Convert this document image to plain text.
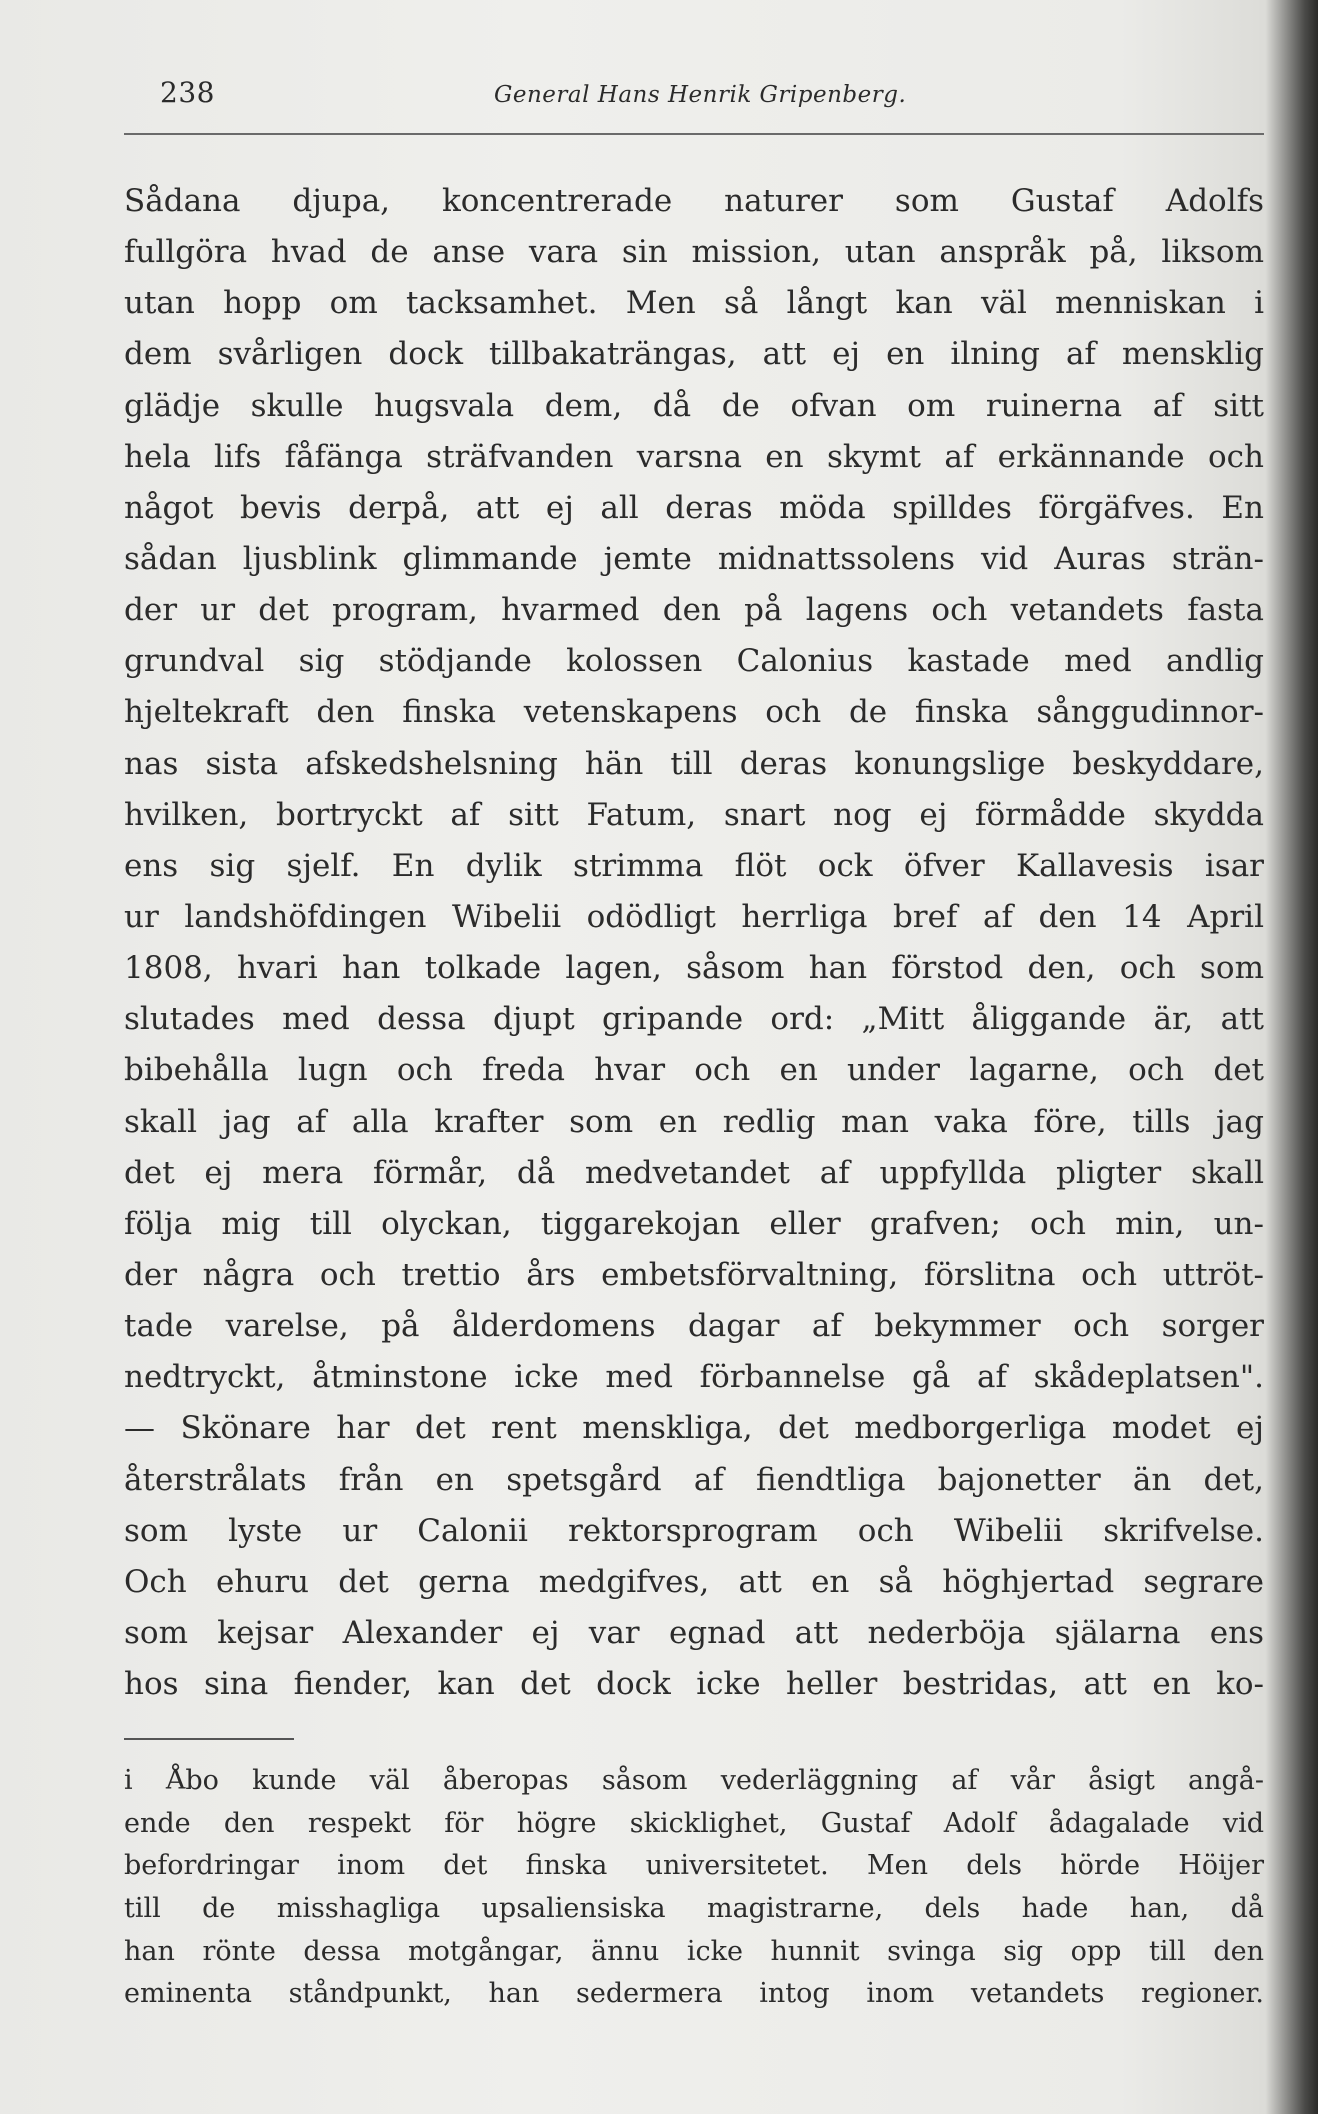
238	General Hans Henrik Gripenberg.
Sådana djupa, koncentrerade naturer som Gustaf Adolfs
fullgöra hvad de anse vara sin mission, utan anspråk på, liksom
utan hopp om tacksamhet. Men så långt kan väl menniskan i
dem svårligen dock tillbakaträngas, att ej en ilning af mensklig
glädje skulle hugsvala dem, då de ofvan om ruinerna af sitt
hela lifs fåfänga sträfvanden varsna en skymt af erkännande och
något bevis derpå, att ej all deras möda spilldes förgäfves. En
sådan ljusblink glimmande jemte midnattssolens vid Auras strän-
der ur det program, hvarmed den på lagens och vetandets fasta
grundval sig stödjande kolossen Calonius kastade med andlig
hjeltekraft den finska vetenskapens och de finska sånggudinnor-
nas sista afskedshelsning hän till deras konungslige beskyddare,
hvilken, bortryckt af sitt Fatum, snart nog ej förmådde skydda
ens sig sjelf. En dylik strimma flöt ock öfver Kallavesis isar
ur landshöfdingen Wibelii odödligt herrliga bref af den 14 April
1808, hvari han tolkade lagen, såsom han förstod den, och som
slutades med dessa djupt gripande ord: „Mitt åliggande är, att
bibehålla lugn och freda hvar och en under lagarne, och det
skall jag af alla krafter som en redlig man vaka före, tills jag
det ej mera förmår, då medvetandet af uppfyllda pligter skall
följa mig till olyckan, tiggarekojan eller grafven; och min, un-
der några och trettio års embetsförvaltning, förslitna och uttröt-
tade varelse, på ålderdomens dagar af bekymmer och sorger
nedtryckt, åtminstone icke med förbannelse gå af skådeplatsen".
— Skönare har det rent menskliga, det medborgerliga modet ej
återstrålats från en spetsgård af fiendtliga bajonetter än det,
som lyste ur Calonii rektorsprogram och Wibelii skrifvelse.
Och ehuru det gerna medgifves, att en så höghjertad segrare
som kejsar Alexander ej var egnad att nederböja själarna ens
hos sina fiender, kan det dock icke heller bestridas, att en ko-
i Åbo kunde väl åberopas såsom vederläggning af vår åsigt angå-
ende den respekt för högre skicklighet, Gustaf Adolf ådagalade vid
befordringar inom det finska universitetet. Men dels hörde Höijer
till de misshagliga upsaliensiska magistrarne, dels hade han, då
han rönte dessa motgångar, ännu icke hunnit svinga sig opp till den
eminenta ståndpunkt, han sedermera intog inom vetandets regioner.
